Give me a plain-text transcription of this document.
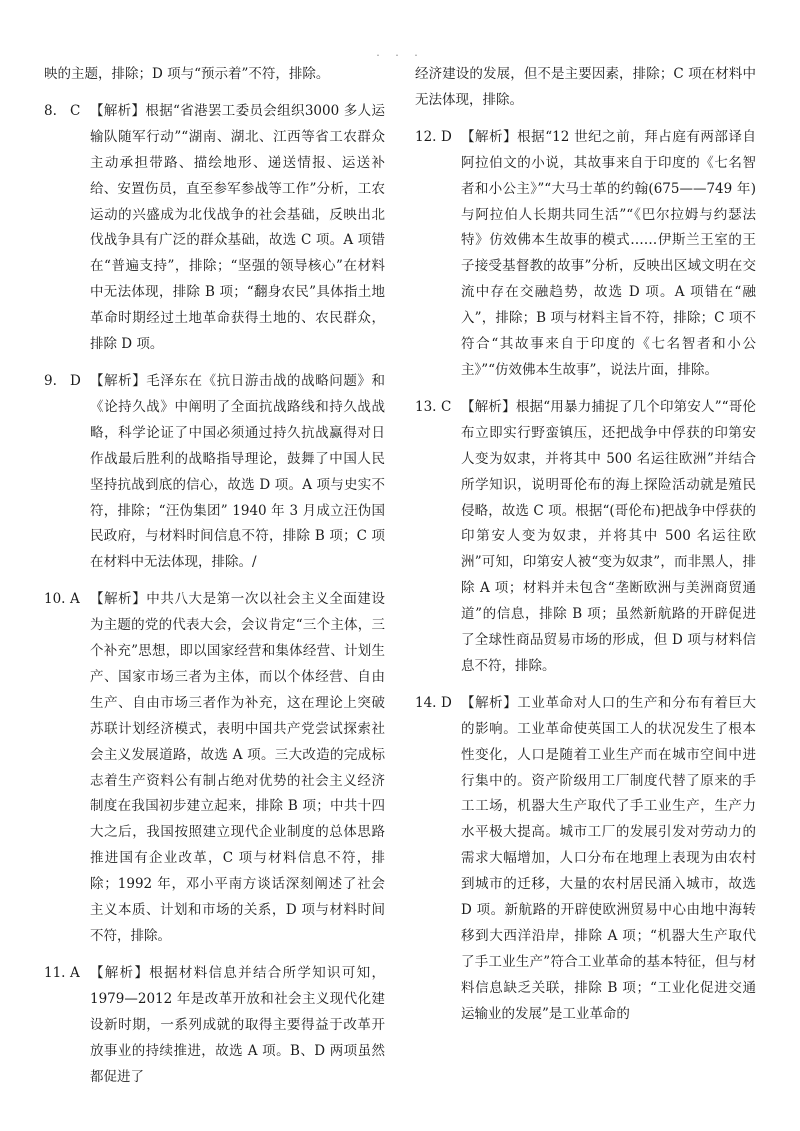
. . .
映的主题，排除；D 项与“预示着”不符，排除。
8. C 【解析】根据“省港罢工委员会组织3000 多人运输队随军行动”“湖南、湖北、江西等省工农群众主动承担带路、描绘地形、递送情报、运送补给、安置伤员，直至参军参战等工作”分析，工农运动的兴盛成为北伐战争的社会基础，反映出北伐战争具有广泛的群众基础，故选 C 项。A 项错在“普遍支持”，排除；“坚强的领导核心”在材料中无法体现，排除 B 项；“翻身农民”具体指土地革命时期经过土地革命获得土地的、农民群众，排除 D 项。
9. D 【解析】毛泽东在《抗日游击战的战略问题》和《论持久战》中阐明了全面抗战路线和持久战战略，科学论证了中国必须通过持久抗战赢得对日作战最后胜利的战略指导理论，鼓舞了中国人民坚持抗战到底的信心，故选 D 项。A 项与史实不符，排除；“汪伪集团” 1940 年 3 月成立汪伪国民政府，与材料时间信息不符，排除 B 项；C 项在材料中无法体现，排除。/
10. A 【解析】中共八大是第一次以社会主义全面建设为主题的党的代表大会，会议肯定“三个主体，三个补充”思想，即以国家经营和集体经营、计划生产、国家市场三者为主体，而以个体经营、自由生产、自由市场三者作为补充，这在理论上突破苏联计划经济模式，表明中国共产党尝试探索社会主义发展道路，故选 A 项。三大改造的完成标志着生产资料公有制占绝对优势的社会主义经济制度在我国初步建立起来，排除 B 项；中共十四大之后，我国按照建立现代企业制度的总体思路推进国有企业改革，C 项与材料信息不符，排除；1992 年，邓小平南方谈话深刻阐述了社会主义本质、计划和市场的关系，D 项与材料时间不符，排除。
11. A 【解析】根据材料信息并结合所学知识可知，1979—2012 年是改革开放和社会主义现代化建设新时期，一系列成就的取得主要得益于改革开放事业的持续推进，故选 A 项。B、D 两项虽然都促进了
经济建设的发展，但不是主要因素，排除；C 项在材料中无法体现，排除。
12. D 【解析】根据“12 世纪之前，拜占庭有两部译自阿拉伯文的小说，其故事来自于印度的《七名智者和小公主》”“大马士革的约翰(675——749 年) 与阿拉伯人长期共同生活”“《巴尔拉姆与约瑟法特》仿效佛本生故事的模式……伊斯兰王室的王子接受基督教的故事”分析，反映出区域文明在交流中存在交融趋势，故选 D 项。A 项错在“融入”，排除；B 项与材料主旨不符，排除；C 项不符合“其故事来自于印度的《七名智者和小公主》”“仿效佛本生故事”，说法片面，排除。
13. C 【解析】根据“用暴力捕捉了几个印第安人”“哥伦布立即实行野蛮镇压，还把战争中俘获的印第安人变为奴隶，并将其中 500 名运往欧洲”并结合所学知识，说明哥伦布的海上探险活动就是殖民侵略，故选 C 项。根据“(哥伦布)把战争中俘获的印第安人变为奴隶，并将其中 500 名运往欧洲”可知，印第安人被“变为奴隶”，而非黑人，排除 A 项；材料并未包含“垄断欧洲与美洲商贸通道”的信息，排除 B 项；虽然新航路的开辟促进了全球性商品贸易市场的形成，但 D 项与材料信息不符，排除。
14. D 【解析】工业革命对人口的生产和分布有着巨大的影响。工业革命使英国工人的状况发生了根本性变化，人口是随着工业生产而在城市空间中进行集中的。资产阶级用工厂制度代替了原来的手工工场，机器大生产取代了手工业生产，生产力水平极大提高。城市工厂的发展引发对劳动力的需求大幅增加，人口分布在地理上表现为由农村到城市的迁移，大量的农村居民涌入城市，故选 D 项。新航路的开辟使欧洲贸易中心由地中海转移到大西洋沿岸，排除 A 项；“机器大生产取代了手工业生产”符合工业革命的基本特征，但与材料信息缺乏关联，排除 B 项；“工业化促进交通运输业的发展”是工业革命的
